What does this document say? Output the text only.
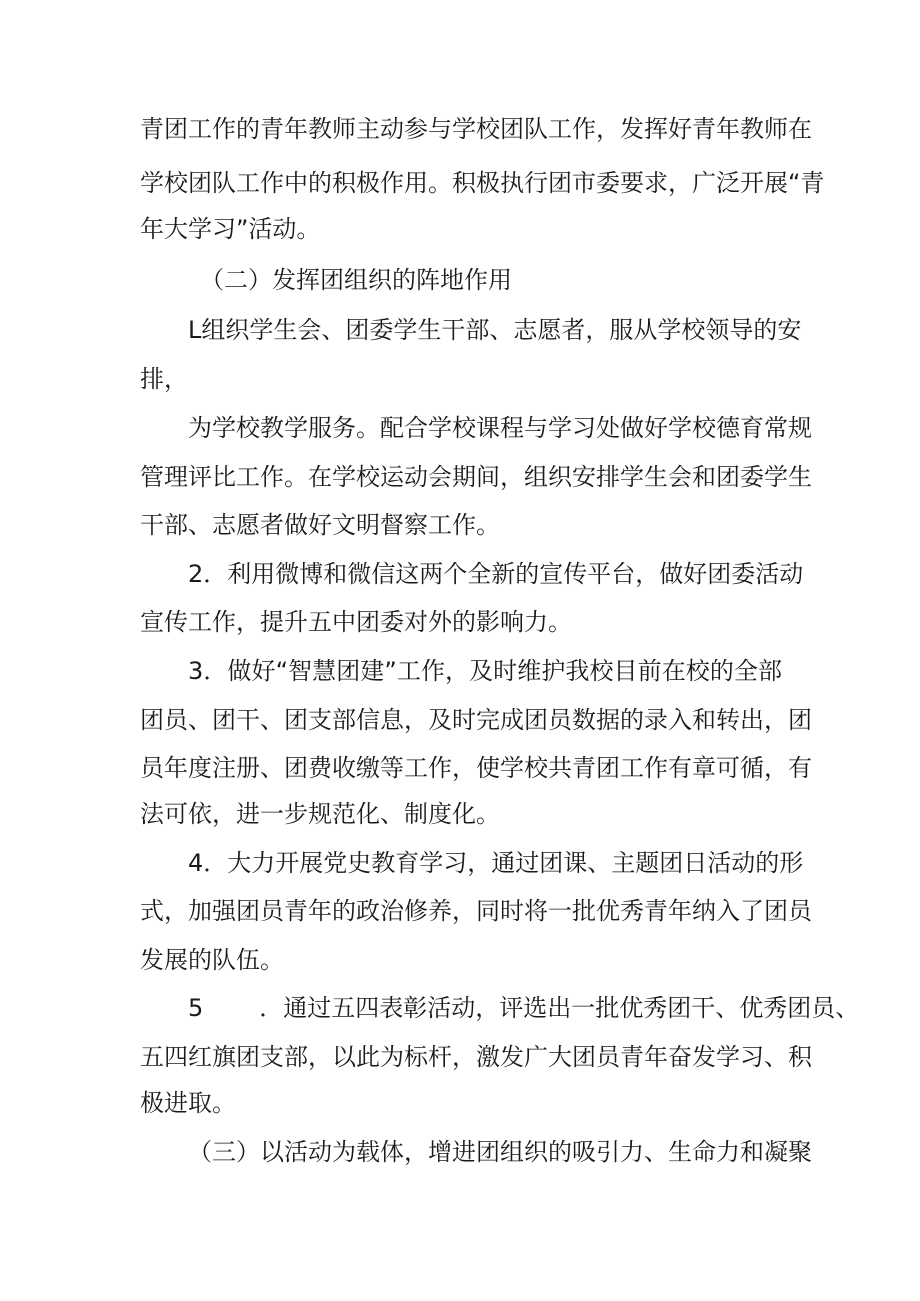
青团工作的青年教师主动参与学校团队工作，发挥好青年教师在
学校团队工作中的积极作用。积极执行团市委要求，广泛开展“青
年大学习”活动。
（二）发挥团组织的阵地作用
L组织学生会、团委学生干部、志愿者，服从学校领导的安
排，
为学校教学服务。配合学校课程与学习处做好学校德育常规
管理评比工作。在学校运动会期间，组织安排学生会和团委学生
干部、志愿者做好文明督察工作。
2．利用微博和微信这两个全新的宣传平台，做好团委活动
宣传工作，提升五中团委对外的影响力。
3．做好“智慧团建”工作，及时维护我校目前在校的全部
团员、团干、团支部信息，及时完成团员数据的录入和转出，团
员年度注册、团费收缴等工作，使学校共青团工作有章可循，有
法可依，进一步规范化、制度化。
4．大力开展党史教育学习，通过团课、主题团日活动的形
式，加强团员青年的政治修养，同时将一批优秀青年纳入了团员
发展的队伍。
5 ．通过五四表彰活动，评选出一批优秀团干、优秀团员、
五四红旗团支部，以此为标杆，激发广大团员青年奋发学习、积
极进取。
（三）以活动为载体，增进团组织的吸引力、生命力和凝聚
